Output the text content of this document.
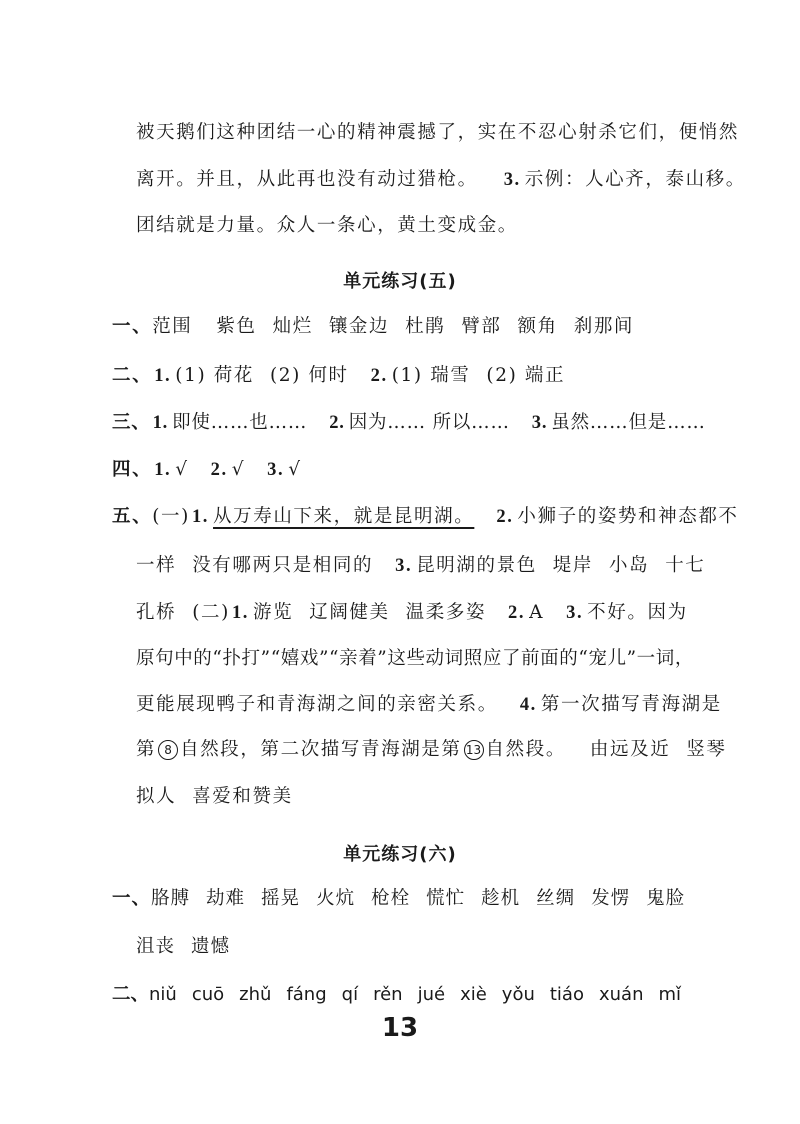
被天鹅们这种团结一心的精神震撼了，实在不忍心射杀它们，便悄然
离开。并且，从此再也没有动过猎枪。 3. 示例：人心齐，泰山移。
团结就是力量。众人一条心，黄土变成金。
单元练习(五)
一、范围 紫色 灿烂 镶金边 杜鹃 臂部 额角 刹那间
二、 1. (1) 荷花 (2) 何时 2. (1) 瑞雪 (2) 端正
三、 1. 即使……也…… 2. 因为…… 所以…… 3. 虽然……但是……
四、 1. √ 2. √ 3. √
五、(一) 1. 从万寿山下来，就是昆明湖。 2. 小狮子的姿势和神态都不
一样 没有哪两只是相同的 3. 昆明湖的景色 堤岸 小岛 十七
孔桥 (二) 1. 游览 辽阔健美 温柔多姿 2. A 3. 不好。因为
原句中的“扑打”“嬉戏”“亲着”这些动词照应了前面的“宠儿”一词，
更能展现鸭子和青海湖之间的亲密关系。 4. 第一次描写青海湖是
第 8 自然段，第二次描写青海湖是第 13 自然段。 由远及近 竖琴
拟人 喜爱和赞美
单元练习(六)
一、胳膊 劫难 摇晃 火炕 枪栓 慌忙 趁机 丝绸 发愣 鬼脸
沮丧 遗憾
二、niǔ cuō zhǔ fáng qí rěn jué xiè yǒu tiáo xuán mǐ
13
